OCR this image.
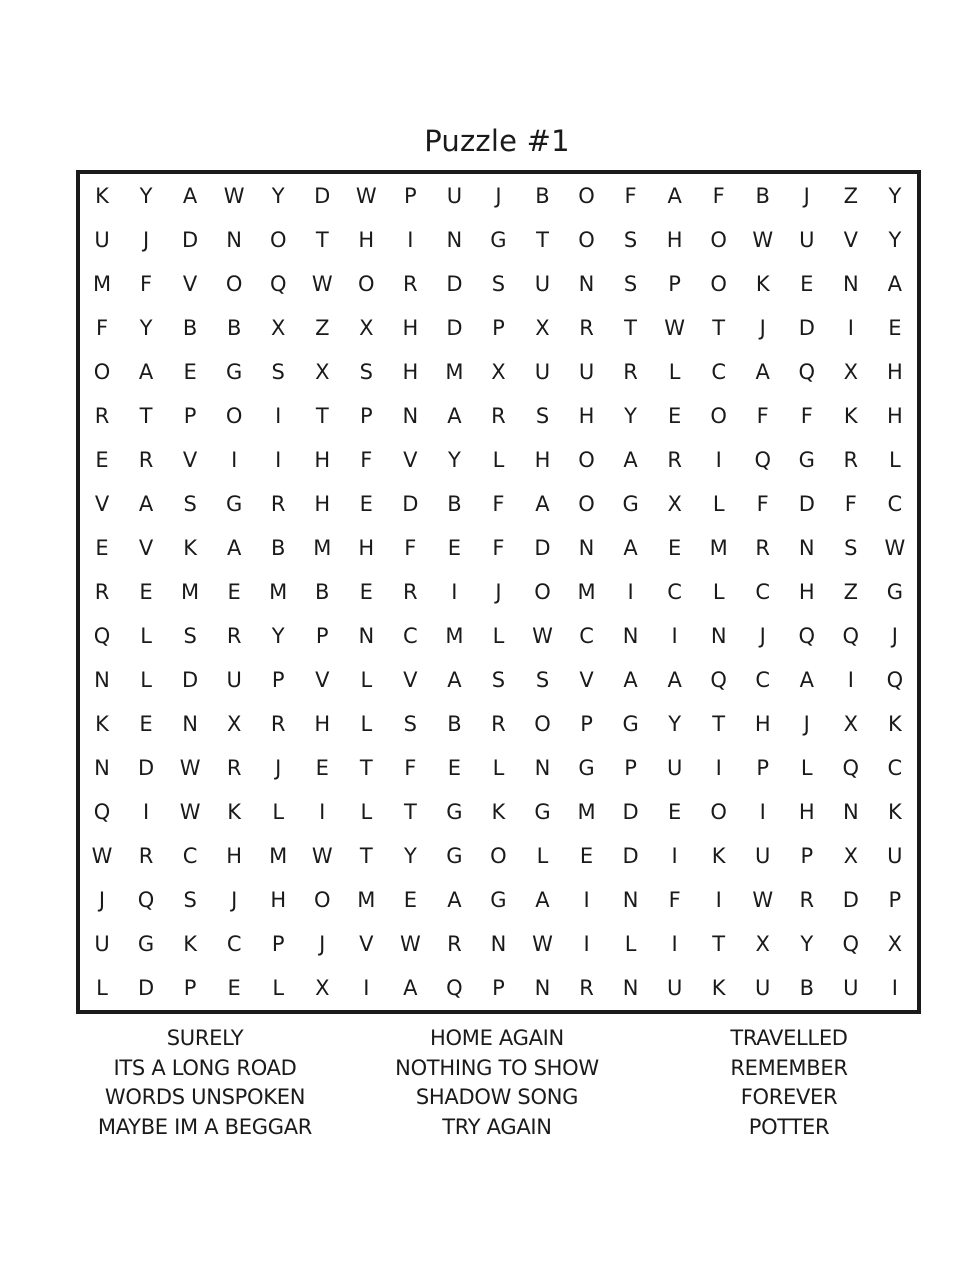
Puzzle #1
K	Y	A	W	Y	D	W	P	U	J	B	O	F	A	F	B	J	Z	Y
U	J	D	N	O	T	H	I	N	G	T	O	S	H	O	W	U	V	Y
M	F	V	O	Q	W	O	R	D	S	U	N	S	P	O	K	E	N	A
F	Y	B	B	X	Z	X	H	D	P	X	R	T	W	T	J	D	I	E
O	A	E	G	S	X	S	H	M	X	U	U	R	L	C	A	Q	X	H
R	T	P	O	I	T	P	N	A	R	S	H	Y	E	O	F	F	K	H
E	R	V	I	I	H	F	V	Y	L	H	O	A	R	I	Q	G	R	L
V	A	S	G	R	H	E	D	B	F	A	O	G	X	L	F	D	F	C
E	V	K	A	B	M	H	F	E	F	D	N	A	E	M	R	N	S	W
R	E	M	E	M	B	E	R	I	J	O	M	I	C	L	C	H	Z	G
Q	L	S	R	Y	P	N	C	M	L	W	C	N	I	N	J	Q	Q	J
N	L	D	U	P	V	L	V	A	S	S	V	A	A	Q	C	A	I	Q
K	E	N	X	R	H	L	S	B	R	O	P	G	Y	T	H	J	X	K
N	D	W	R	J	E	T	F	E	L	N	G	P	U	I	P	L	Q	C
Q	I	W	K	L	I	L	T	G	K	G	M	D	E	O	I	H	N	K
W	R	C	H	M	W	T	Y	G	O	L	E	D	I	K	U	P	X	U
J	Q	S	J	H	O	M	E	A	G	A	I	N	F	I	W	R	D	P
U	G	K	C	P	J	V	W	R	N	W	I	L	I	T	X	Y	Q	X
L	D	P	E	L	X	I	A	Q	P	N	R	N	U	K	U	B	U	I
SURELY
ITS A LONG ROAD
WORDS UNSPOKEN
MAYBE IM A BEGGAR
HOME AGAIN
NOTHING TO SHOW
SHADOW SONG
TRY AGAIN
TRAVELLED
REMEMBER
FOREVER
POTTER
